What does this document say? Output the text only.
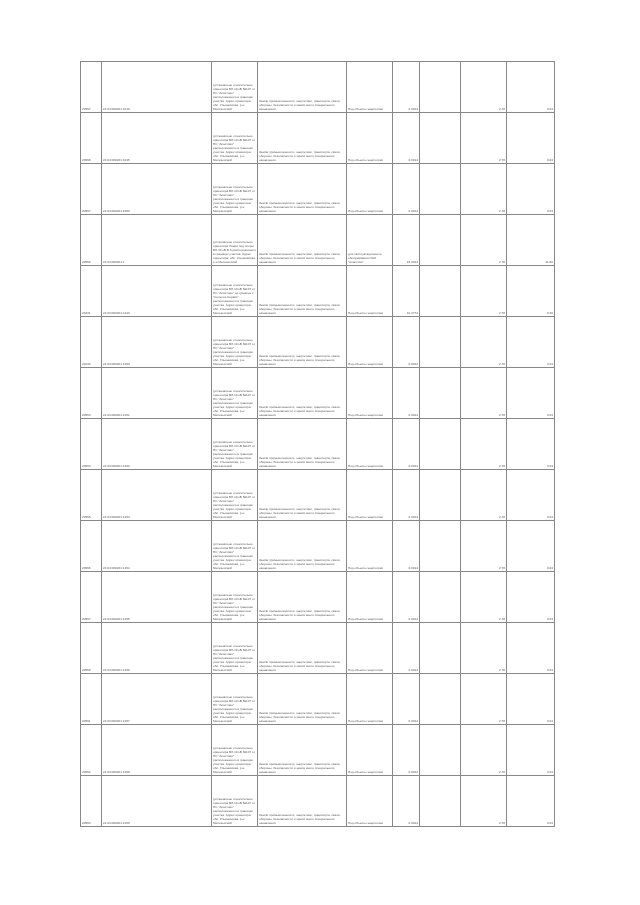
20567	21:04:000201:1040	(установлено относительно ориентира ВЛ-10 кВ №107 от ПС "Апастово" расположенного в границах участка. Адрес ориентира: обл. Ульяновская, р-н Мелекесский	Земли промышленности, энергетики, транспорта, связи, обороны, безопасности и земли иного специального назначения	Под объекты энергетики	0.0014		2.78	0.04
20568	21:04:000201:1045	(установлено относительно ориентира ВЛ-10 кВ №107 от ПС "Апастово" расположенного в границах участка. Адрес ориентира: обл. Ульяновская, р-н Мелекесский	Земли промышленности, энергетики, транспорта, связи, обороны, безопасности и земли иного специального назначения	Под объекты энергетики	0.0014		2.78	0.04
20567	21:04:000201:1089	(установлено относительно ориентира ВЛ-10 кВ №107 от ПС "Апастово" расположенного в границах участка. Адрес ориентира: обл. Ульяновская, р-н Мелекесский	Земли промышленности, энергетики, транспорта, связи, обороны, безопасности и земли иного специального назначения	Под объекты энергетики	0.0014		2.78	0.04
20569	21:04:000201:1	(установлено относительно ориентира Линия под опоры ВЛ-10 кВ Ф.6 расположенного в границах участка. Адрес ориентира: обл. Ульяновская, р-н Мелекесский	Земли промышленности, энергетики, транспорта, связи, обороны, безопасности и земли иного специального назначения	для эксплуатационного обслуживания ОАО "Апастово"	15.0014		2.78	41.80
20431	21:04:000201:1440	(установлено относительно ориентира ВЛ-10 кВ №107 от ПС "Апастово" до границы с "Сельхоз-Сервис", расположенного в границах участка. Адрес ориентира: обл. Ульяновская, р-н Мелекесский	Земли промышленности, энергетики, транспорта, связи, обороны, безопасности и земли иного специального назначения	Под объекты энергетики	10.4774		2.78	0.30
20232	21:04:000201:1453	(установлено относительно ориентира ВЛ-10 кВ №107 от ПС "Апастово" расположенного в границах участка. Адрес ориентира: обл. Ульяновская, р-н Мелекесский	Земли промышленности, энергетики, транспорта, связи, обороны, безопасности и земли иного специального назначения	Под объекты энергетики	0.0014		2.78	0.04
20563	21:04:000201:1451	(установлено относительно ориентира ВЛ-10 кВ №107 от ПС "Апастово" расположенного в границах участка. Адрес ориентира: обл. Ульяновская, р-н Мелекесский	Земли промышленности, энергетики, транспорта, связи, обороны, безопасности и земли иного специального назначения	Под объекты энергетики	0.0014		2.78	0.04
20564	21:04:000201:1452	(установлено относительно ориентира ВЛ-10 кВ №107 от ПС "Апастово" расположенного в границах участка. Адрес ориентира: обл. Ульяновская, р-н Мелекесский	Земли промышленности, энергетики, транспорта, связи, обороны, безопасности и земли иного специального назначения	Под объекты энергетики	0.0014		2.78	0.04
20565	21:04:000201:1453	(установлено относительно ориентира ВЛ-10 кВ №107 от ПС "Апастово" расположенного в границах участка. Адрес ориентира: обл. Ульяновская, р-н Мелекесский	Земли промышленности, энергетики, транспорта, связи, обороны, безопасности и земли иного специального назначения	Под объекты энергетики	0.0014		2.78	0.04
20566	21:04:000201:1454	(установлено относительно ориентира ВЛ-10 кВ №107 от ПС "Апастово" расположенного в границах участка. Адрес ориентира: обл. Ульяновская, р-н Мелекесский	Земли промышленности, энергетики, транспорта, связи, обороны, безопасности и земли иного специального назначения	Под объекты энергетики	0.0014		2.78	0.04
20567	21:04:000201:1455	(установлено относительно ориентира ВЛ-10 кВ №107 от ПС "Апастово" расположенного в границах участка. Адрес ориентира: обл. Ульяновская, р-н Мелекесский	Земли промышленности, энергетики, транспорта, связи, обороны, безопасности и земли иного специального назначения	Под объекты энергетики	0.0014		2.78	0.04
20568	21:04:000201:1456	(установлено относительно ориентира ВЛ-10 кВ №107 от ПС "Апастово" расположенного в границах участка. Адрес ориентира: обл. Ульяновская, р-н Мелекесский	Земли промышленности, энергетики, транспорта, связи, обороны, безопасности и земли иного специального назначения	Под объекты энергетики	0.0014		2.78	0.04
20591	21:04:000201:1457	(установлено относительно ориентира ВЛ-10 кВ №107 от ПС "Апастово" расположенного в границах участка. Адрес ориентира: обл. Ульяновская, р-н Мелекесский	Земли промышленности, энергетики, транспорта, связи, обороны, безопасности и земли иного специального назначения	Под объекты энергетики	0.0014		2.78	0.04
20592	21:04:000201:1458	(установлено относительно ориентира ВЛ-10 кВ №107 от ПС "Апастово" расположенного в границах участка. Адрес ориентира: обл. Ульяновская, р-н Мелекесский	Земли промышленности, энергетики, транспорта, связи, обороны, безопасности и земли иного специального назначения	Под объекты энергетики	0.0014		2.78	0.04
20593	21:04:000201:1459	(установлено относительно ориентира ВЛ-10 кВ №107 от ПС "Апастово" расположенного в границах участка. Адрес ориентира: обл. Ульяновская, р-н Мелекесский	Земли промышленности, энергетики, транспорта, связи, обороны, безопасности и земли иного специального назначения	Под объекты энергетики	0.0014		2.78	0.04
